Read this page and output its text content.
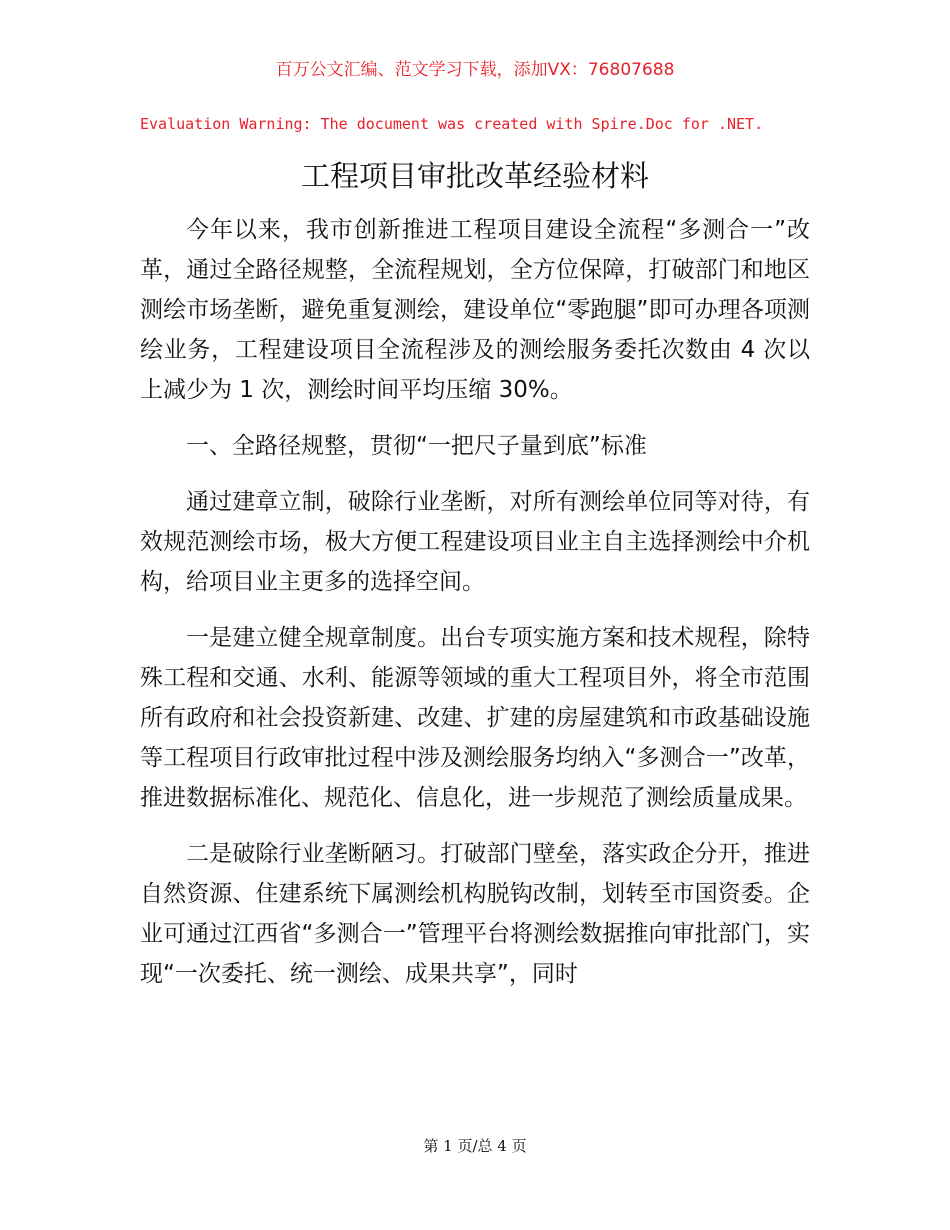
百万公文汇编、范文学习下载，添加VX：76807688
Evaluation Warning: The document was created with Spire.Doc for .NET.
工程项目审批改革经验材料

今年以来，我市创新推进工程项目建设全流程“多测合一”改革，通过全路径规整，全流程规划，全方位保障，打破部门和地区测绘市场垄断，避免重复测绘，建设单位“零跑腿”即可办理各项测绘业务，工程建设项目全流程涉及的测绘服务委托次数由 4 次以上减少为 1 次，测绘时间平均压缩 30%。

一、全路径规整，贯彻“一把尺子量到底”标准

通过建章立制，破除行业垄断，对所有测绘单位同等对待，有效规范测绘市场，极大方便工程建设项目业主自主选择测绘中介机构，给项目业主更多的选择空间。

一是建立健全规章制度。出台专项实施方案和技术规程，除特殊工程和交通、水利、能源等领域的重大工程项目外，将全市范围所有政府和社会投资新建、改建、扩建的房屋建筑和市政基础设施等工程项目行政审批过程中涉及测绘服务均纳入“多测合一”改革，推进数据标准化、规范化、信息化，进一步规范了测绘质量成果。

二是破除行业垄断陋习。打破部门壁垒，落实政企分开，推进自然资源、住建系统下属测绘机构脱钩改制，划转至市国资委。企业可通过江西省“多测合一”管理平台将测绘数据推向审批部门，实现“一次委托、统一测绘、成果共享”，同时

第 1 页/总 4 页
